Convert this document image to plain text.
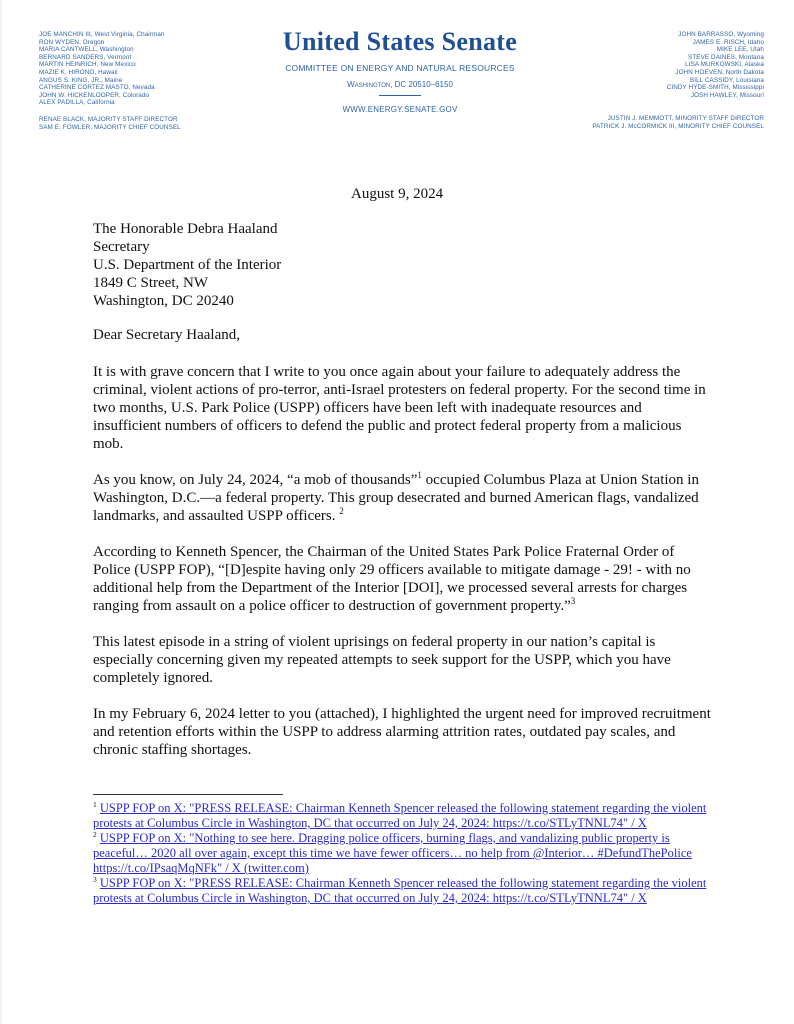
JOE MANCHIN III, West Virginia, Chairman
RON WYDEN, Oregon
MARIA CANTWELL, Washington
BERNARD SANDERS, Vermont
MARTIN HEINRICH, New Mexico
MAZIE K. HIRONO, Hawaii
ANGUS S. KING, JR., Maine
CATHERINE CORTEZ MASTO, Nevada
JOHN W. HICKENLOOPER, Colorado
ALEX PADILLA, California
RENAE BLACK, MAJORITY STAFF DIRECTOR
SAM E. FOWLER, MAJORITY CHIEF COUNSEL
United States Senate
COMMITTEE ON ENERGY AND NATURAL RESOURCES
Washington, DC 20510–6150
WWW.ENERGY.SENATE.GOV
JOHN BARRASSO, Wyoming
JAMES E. RISCH, Idaho
MIKE LEE, Utah
STEVE DAINES, Montana
LISA MURKOWSKI, Alaska
JOHN HOEVEN, North Dakota
BILL CASSIDY, Louisiana
CINDY HYDE-SMITH, Mississippi
JOSH HAWLEY, Missouri
JUSTIN J. MEMMOTT, MINORITY STAFF DIRECTOR
PATRICK J. McCORMICK III, MINORITY CHIEF COUNSEL
August 9, 2024
The Honorable Debra Haaland
Secretary
U.S. Department of the Interior
1849 C Street, NW
Washington, DC 20240
Dear Secretary Haaland,
It is with grave concern that I write to you once again about your failure to adequately address the criminal, violent actions of pro-terror, anti-Israel protesters on federal property. For the second time in two months, U.S. Park Police (USPP) officers have been left with inadequate resources and insufficient numbers of officers to defend the public and protect federal property from a malicious mob.
As you know, on July 24, 2024, “a mob of thousands”$^1$ occupied Columbus Plaza at Union Station in Washington, D.C.—a federal property. This group desecrated and burned American flags, vandalized landmarks, and assaulted USPP officers. $^2$
According to Kenneth Spencer, the Chairman of the United States Park Police Fraternal Order of Police (USPP FOP), “[D]espite having only 29 officers available to mitigate damage - 29! - with no additional help from the Department of the Interior [DOI], we processed several arrests for charges ranging from assault on a police officer to destruction of government property.”$^3$
This latest episode in a string of violent uprisings on federal property in our nation’s capital is especially concerning given my repeated attempts to seek support for the USPP, which you have completely ignored.
In my February 6, 2024 letter to you (attached), I highlighted the urgent need for improved recruitment and retention efforts within the USPP to address alarming attrition rates, outdated pay scales, and chronic staffing shortages.
$^1$ USPP FOP on X: "PRESS RELEASE: Chairman Kenneth Spencer released the following statement regarding the violent protests at Columbus Circle in Washington, DC that occurred on July 24, 2024: https://t.co/STLyTNNL74" / X
$^2$ USPP FOP on X: "Nothing to see here. Dragging police officers, burning flags, and vandalizing public property is peaceful… 2020 all over again, except this time we have fewer officers… no help from @Interior… #DefundThePolice https://t.co/IPsaqMqNFk" / X (twitter.com)
$^3$ USPP FOP on X: "PRESS RELEASE: Chairman Kenneth Spencer released the following statement regarding the violent protests at Columbus Circle in Washington, DC that occurred on July 24, 2024: https://t.co/STLyTNNL74" / X
